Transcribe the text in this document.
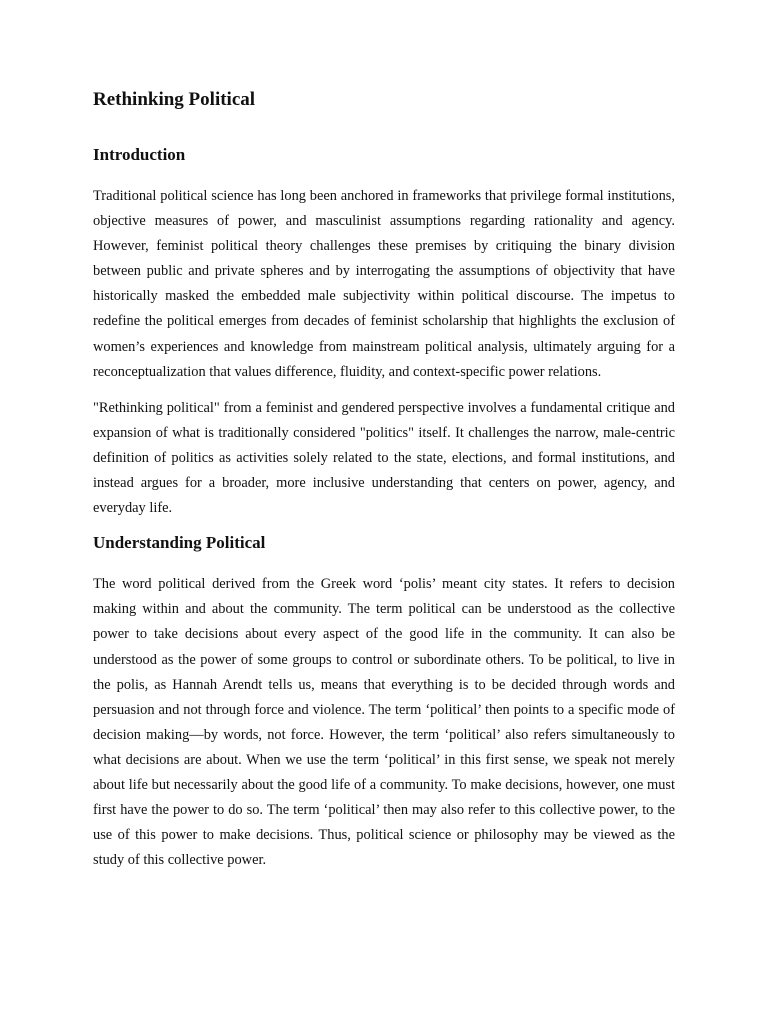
Rethinking Political
Introduction

Traditional political science has long been anchored in frameworks that privilege formal institutions, objective measures of power, and masculinist assumptions regarding rationality and agency. However, feminist political theory challenges these premises by critiquing the binary division between public and private spheres and by interrogating the assumptions of objectivity that have historically masked the embedded male subjectivity within political discourse. The impetus to redefine the political emerges from decades of feminist scholarship that highlights the exclusion of women’s experiences and knowledge from mainstream political analysis, ultimately arguing for a reconceptualization that values difference, fluidity, and context-specific power relations.

"Rethinking political" from a feminist and gendered perspective involves a fundamental critique and expansion of what is traditionally considered "politics" itself. It challenges the narrow, male-centric definition of politics as activities solely related to the state, elections, and formal institutions, and instead argues for a broader, more inclusive understanding that centers on power, agency, and everyday life.

Understanding Political

The word political derived from the Greek word ‘polis’ meant city states. It refers to decision making within and about the community. The term political can be understood as the collective power to take decisions about every aspect of the good life in the community. It can also be understood as the power of some groups to control or subordinate others. To be political, to live in the polis, as Hannah Arendt tells us, means that everything is to be decided through words and persuasion and not through force and violence. The term ‘political’ then points to a specific mode of decision making—by words, not force. However, the term ‘political’ also refers simultaneously to what decisions are about. When we use the term ‘political’ in this first sense, we speak not merely about life but necessarily about the good life of a community. To make decisions, however, one must first have the power to do so. The term ‘political’ then may also refer to this collective power, to the use of this power to make decisions. Thus, political science or philosophy may be viewed as the study of this collective power.
